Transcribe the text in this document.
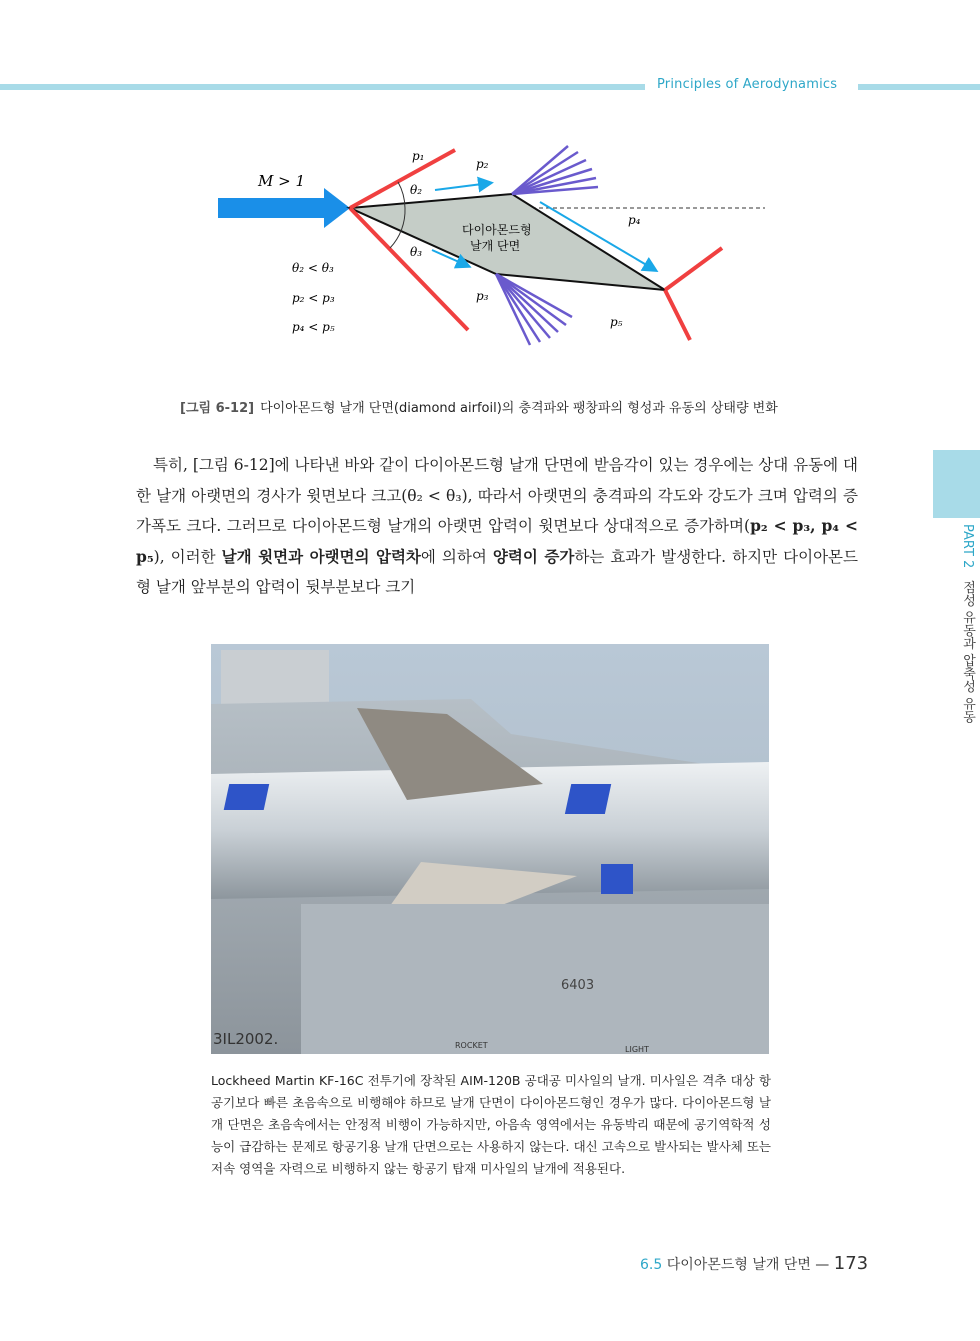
Principles of Aerodynamics
PART 2 점성 유동과 압축성 유동
M > 1
다이아몬드형
날개 단면
θ₂
θ₃
p₁
p₂
p₄
p₃
p₅
θ₂ < θ₃
p₂ < p₃
p₄ < p₅
[그림 6-12] 다이아몬드형 날개 단면(diamond airfoil)의 충격파와 팽창파의 형성과 유동의 상태량 변화

특히, [그림 6-12]에 나타낸 바와 같이 다이아몬드형 날개 단면에 받음각이 있는 경우에는 상대 유동에 대한 날개 아랫면의 경사가 윗면보다 크고(θ₂ < θ₃), 따라서 아랫면의 충격파의 각도와 강도가 크며 압력의 증가폭도 크다. 그러므로 다이아몬드형 날개의 아랫면 압력이 윗면보다 상대적으로 증가하며(p₂ < p₃, p₄ < p₅), 이러한 날개 윗면과 아랫면의 압력차에 의하여 양력이 증가하는 효과가 발생한다. 하지만 다이아몬드형 날개 앞부분의 압력이 뒷부분보다 크기

6403
3IL2002.	ROCKET	LIGHT
Lockheed Martin KF-16C 전투기에 장착된 AIM-120B 공대공 미사일의 날개. 미사일은 격추 대상 항공기보다 빠른 초음속으로 비행해야 하므로 날개 단면이 다이아몬드형인 경우가 많다. 다이아몬드형 날개 단면은 초음속에서는 안정적 비행이 가능하지만, 아음속 영역에서는 유동박리 때문에 공기역학적 성능이 급감하는 문제로 항공기용 날개 단면으로는 사용하지 않는다. 대신 고속으로 발사되는 발사체 또는 저속 영역을 자력으로 비행하지 않는 항공기 탑재 미사일의 날개에 적용된다.
6.5 다이아몬드형 날개 단면 — 173
